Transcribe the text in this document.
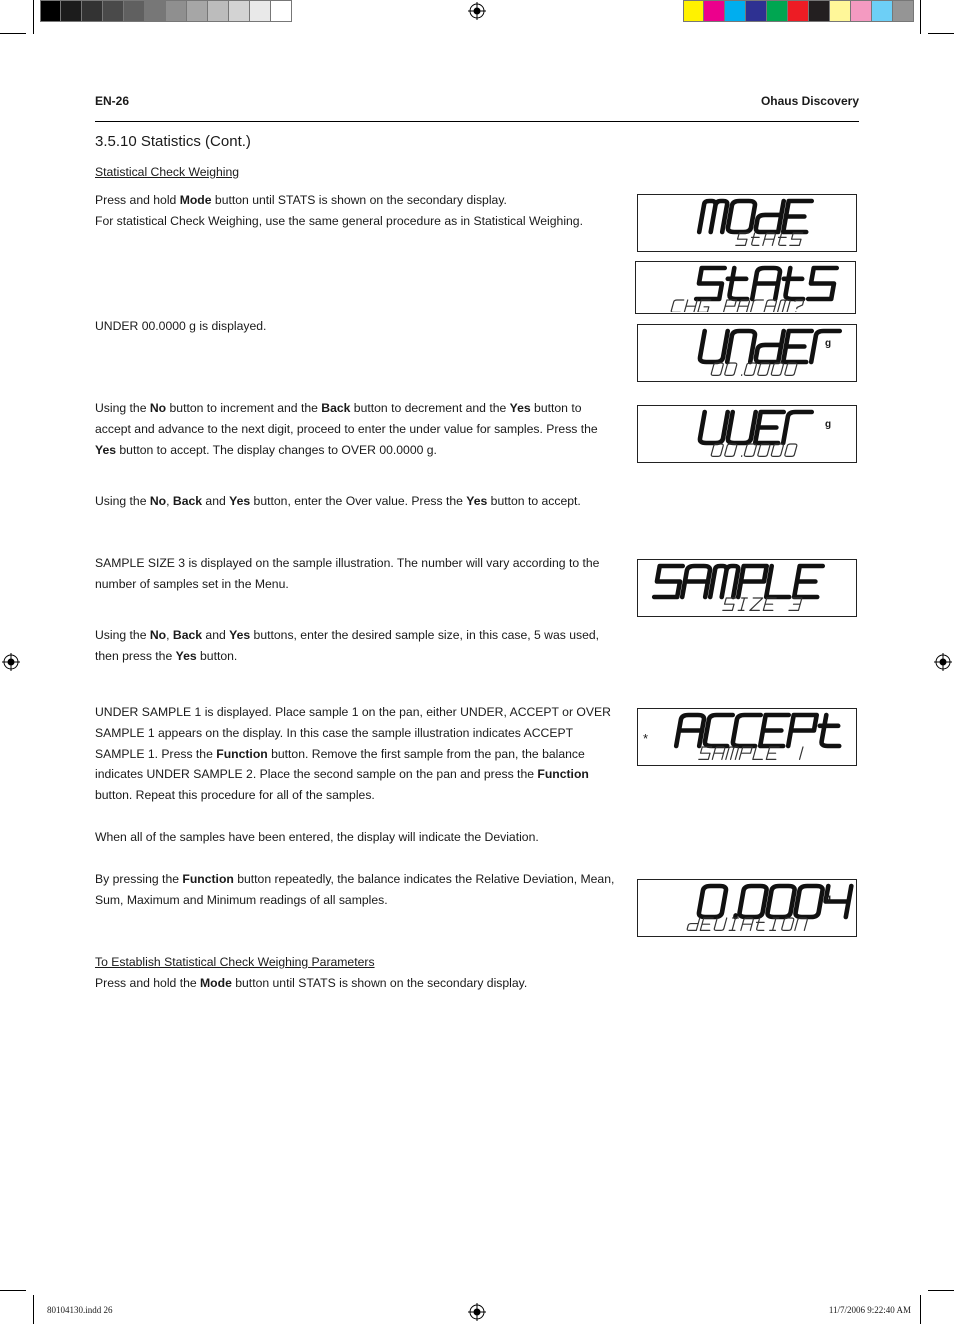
EN-26	Ohaus Discovery
3.5.10 Statistics (Cont.)
Statistical Check Weighing
Press and hold Mode button until STATS is shown on the secondary display.
For statistical Check Weighing, use the same general procedure as in Statistical Weighing.
UNDER 00.0000 g is displayed.
Using the No button to increment and the Back button to decrement and the Yes button to accept and advance to the next digit, proceed to enter the under value for samples. Press the Yes button to accept. The display changes to OVER 00.0000 g.
Using the No, Back and Yes button, enter the Over value. Press the Yes button to accept.
SAMPLE SIZE 3 is displayed on the sample illustration. The number will vary according to the number of samples set in the Menu.
Using the No, Back and Yes buttons, enter the desired sample size, in this case, 5 was used, then press the Yes button.
UNDER SAMPLE 1 is displayed. Place sample 1 on the pan, either UNDER, ACCEPT or OVER SAMPLE 1 appears on the display. In this case the sample illustration indicates ACCEPT SAMPLE 1. Press the Function button. Remove the first sample from the pan, the balance indicates UNDER SAMPLE 2. Place the second sample on the pan and press the Function button. Repeat this procedure for all of the samples.
When all of the samples have been entered, the display will indicate the Deviation.
By pressing the Function button repeatedly, the balance indicates the Relative Deviation, Mean, Sum, Maximum and Minimum readings of all samples.
To Establish Statistical Check Weighing Parameters
Press and hold the Mode button until STATS is shown on the secondary display.
g
g
*
g
80104130.indd 26	11/7/2006 9:22:40 AM
